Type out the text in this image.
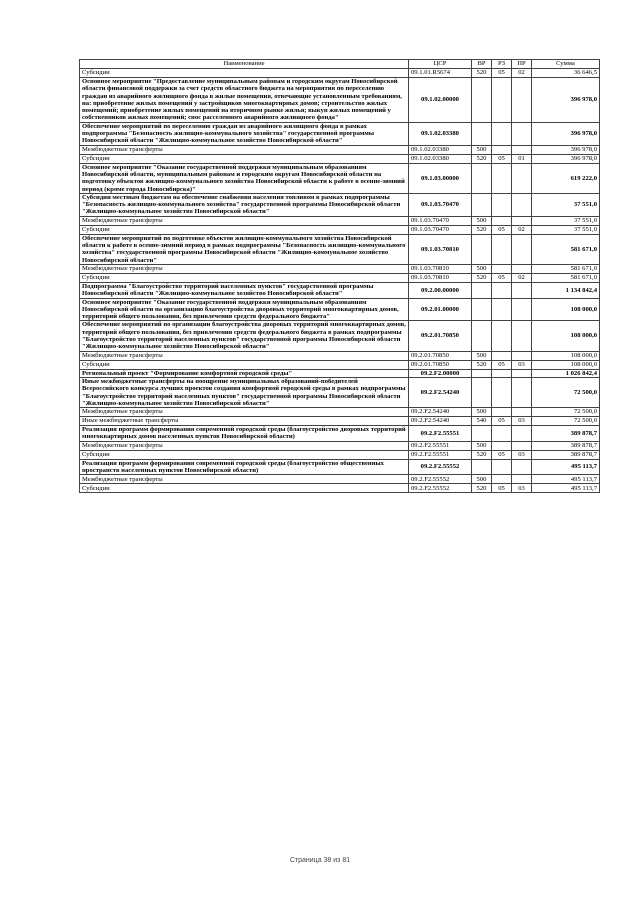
Наименование	ЦСР	ВР	РЗ	ПР	Сумма
Субсидии	09.1.01.R5674	520	05	02	36 646,5
Основное мероприятие "Предоставление муниципальным районам и городским округам Новосибирской области финансовой поддержки за счет средств областного бюджета на мероприятия по переселению граждан из аварийного жилищного фонда в жилые помещения, отвечающие установленным требованиям, на: приобретение жилых помещений у застройщиков многоквартирных домов; строительство жилых помещений; приобретение жилых помещений на вторичном рынке жилья; выкуп жилых помещений у собственников жилых помещений; снос расселенного аварийного жилищного фонда"	09.1.02.00000				396 978,0
Обеспечение мероприятий по переселению граждан из аварийного жилищного фонда в рамках подпрограммы "Безопасность жилищно-коммунального хозяйства" государственной программы Новосибирской области "Жилищно-коммунальное хозяйство Новосибирской области"	09.1.02.03380				396 978,0
Межбюджетные трансферты	09.1.02.03380	500			396 978,0
Субсидии	09.1.02.03380	520	05	01	396 978,0
Основное мероприятие "Оказание государственной поддержки муниципальным образованиям Новосибирской области, муниципальным районам и городским округам Новосибирской области на подготовку объектов жилищно-коммунального хозяйства Новосибирской области к работе в осенне-зимний период (кроме города Новосибирска)"	09.1.03.00000				619 222,0
Субсидии местным бюджетам на обеспечение снабжения населения топливом в рамках подпрограммы "Безопасность жилищно-коммунального хозяйства" государственной программы Новосибирской области "Жилищно-коммунальное хозяйство Новосибирской области"	09.1.03.70470				37 551,0
Межбюджетные трансферты	09.1.03.70470	500			37 551,0
Субсидии	09.1.03.70470	520	05	02	37 551,0
Обеспечение мероприятий по подготовке объектов жилищно-коммунального хозяйства Новосибирской области к работе в осенне-зимний период в рамках подпрограммы "Безопасность жилищно-коммунального хозяйства" государственной программы Новосибирской области "Жилищно-коммунальное хозяйство Новосибирской области"	09.1.03.70810				581 671,0
Межбюджетные трансферты	09.1.03.70810	500			581 671,0
Субсидии	09.1.03.70810	520	05	02	581 671,0
Подпрограмма "Благоустройство территорий населенных пунктов" государственной программы Новосибирской области "Жилищно-коммунальное хозяйство Новосибирской области"	09.2.00.00000				1 134 842,4
Основное мероприятие "Оказание государственной поддержки муниципальным образованиям Новосибирской области на организацию благоустройства дворовых территорий многоквартирных домов, территорий общего пользования, без привлечения средств федерального бюджета"	09.2.01.00000				108 000,0
Обеспечение мероприятий по организации благоустройства дворовых территорий многоквартирных домов, территорий общего пользования, без привлечения средств федерального бюджета в рамках подпрограммы "Благоустройство территорий населенных пунктов" государственной программы Новосибирской области "Жилищно-коммунальное хозяйство Новосибирской области"	09.2.01.70850				108 000,0
Межбюджетные трансферты	09.2.01.70850	500			108 000,0
Субсидии	09.2.01.70850	520	05	03	108 000,0
Региональный проект "Формирование комфортной городской среды"	09.2.F2.00000				1 026 842,4
Иные межбюджетные трансферты на поощрение муниципальных образований-победителей Всероссийского конкурса лучших проектов создания комфортной городской среды в рамках подпрограммы "Благоустройство территорий населенных пунктов" государственной программы Новосибирской области "Жилищно-коммунальное хозяйство Новосибирской области"	09.2.F2.54240				72 500,0
Межбюджетные трансферты	09.2.F2.54240	500			72 500,0
Иные межбюджетные трансферты	09.2.F2.54240	540	05	03	72 500,0
Реализация программ формирования современной городской среды (благоустройство дворовых территорий многоквартирных домов населенных пунктов Новосибирской области)	09.2.F2.55551				389 878,7
Межбюджетные трансферты	09.2.F2.55551	500			389 878,7
Субсидии	09.2.F2.55551	520	05	03	389 878,7
Реализация программ формирования современной городской среды (благоустройство общественных пространств населенных пунктов Новосибирской области)	09.2.F2.55552				495 113,7
Межбюджетные трансферты	09.2.F2.55552	500			495 113,7
Субсидии	09.2.F2.55552	520	05	03	495 113,7
Страница 38 из 81
